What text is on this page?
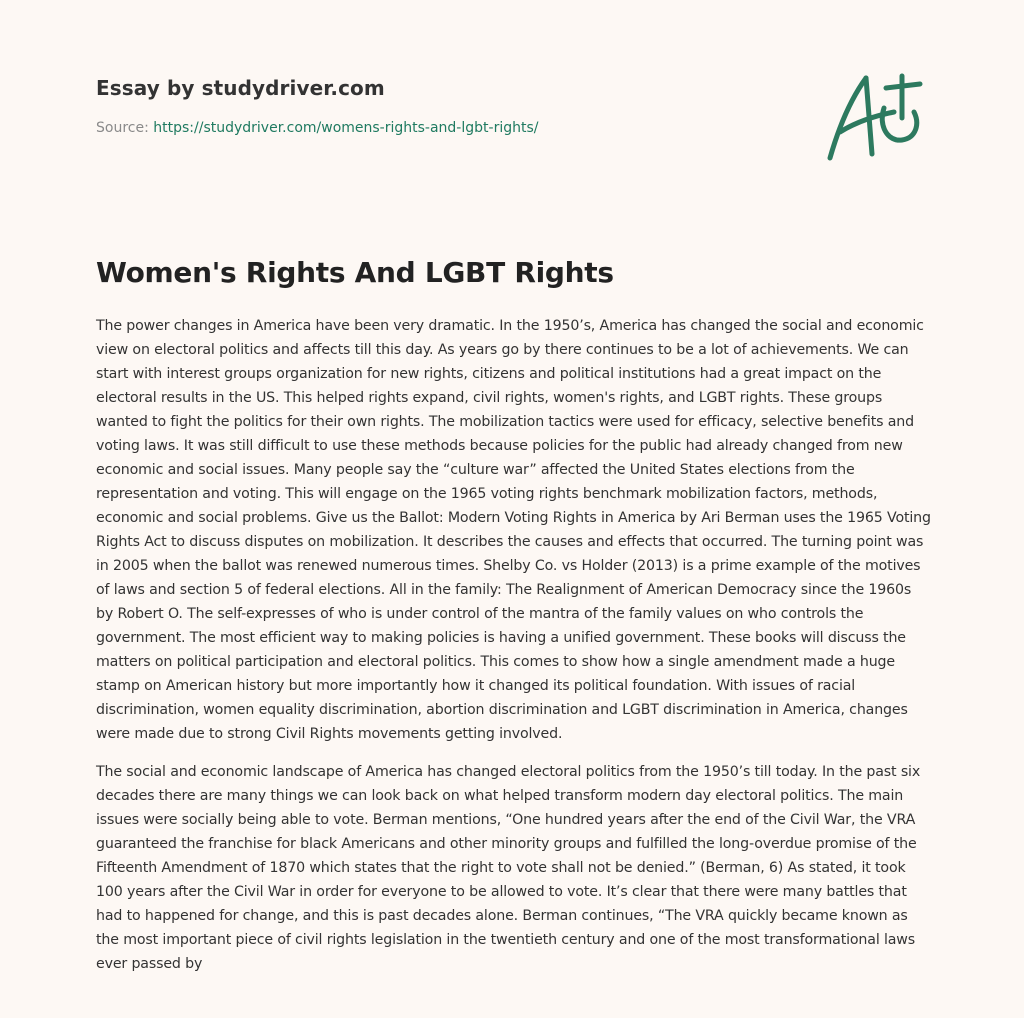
Essay by studydriver.com
Source: https://studydriver.com/womens-rights-and-lgbt-rights/
Women's Rights And LGBT Rights

The power changes in America have been very dramatic. In the 1950’s, America has changed the social and economic view on electoral politics and affects till this day. As years go by there continues to be a lot of achievements. We can start with interest groups organization for new rights, citizens and political institutions had a great impact on the electoral results in the US. This helped rights expand, civil rights, women's rights, and LGBT rights. These groups wanted to fight the politics for their own rights. The mobilization tactics were used for efficacy, selective benefits and voting laws. It was still difficult to use these methods because policies for the public had already changed from new economic and social issues. Many people say the “culture war” affected the United States elections from the representation and voting. This will engage on the 1965 voting rights benchmark mobilization factors, methods, economic and social problems. Give us the Ballot: Modern Voting Rights in America by Ari Berman uses the 1965 Voting Rights Act to discuss disputes on mobilization. It describes the causes and effects that occurred. The turning point was in 2005 when the ballot was renewed numerous times. Shelby Co. vs Holder (2013) is a prime example of the motives of laws and section 5 of federal elections. All in the family: The Realignment of American Democracy since the 1960s by Robert O. The self-expresses of who is under control of the mantra of the family values on who controls the government. The most efficient way to making policies is having a unified government. These books will discuss the matters on political participation and electoral politics. This comes to show how a single amendment made a huge stamp on American history but more importantly how it changed its political foundation. With issues of racial discrimination, women equality discrimination, abortion discrimination and LGBT discrimination in America, changes were made due to strong Civil Rights movements getting involved.

The social and economic landscape of America has changed electoral politics from the 1950’s till today. In the past six decades there are many things we can look back on what helped transform modern day electoral politics. The main issues were socially being able to vote. Berman mentions, “One hundred years after the end of the Civil War, the VRA guaranteed the franchise for black Americans and other minority groups and fulfilled the long-overdue promise of the Fifteenth Amendment of 1870 which states that the right to vote shall not be denied.” (Berman, 6) As stated, it took 100 years after the Civil War in order for everyone to be allowed to vote. It’s clear that there were many battles that had to happened for change, and this is past decades alone. Berman continues, “The VRA quickly became known as the most important piece of civil rights legislation in the twentieth century and one of the most transformational laws ever passed by
